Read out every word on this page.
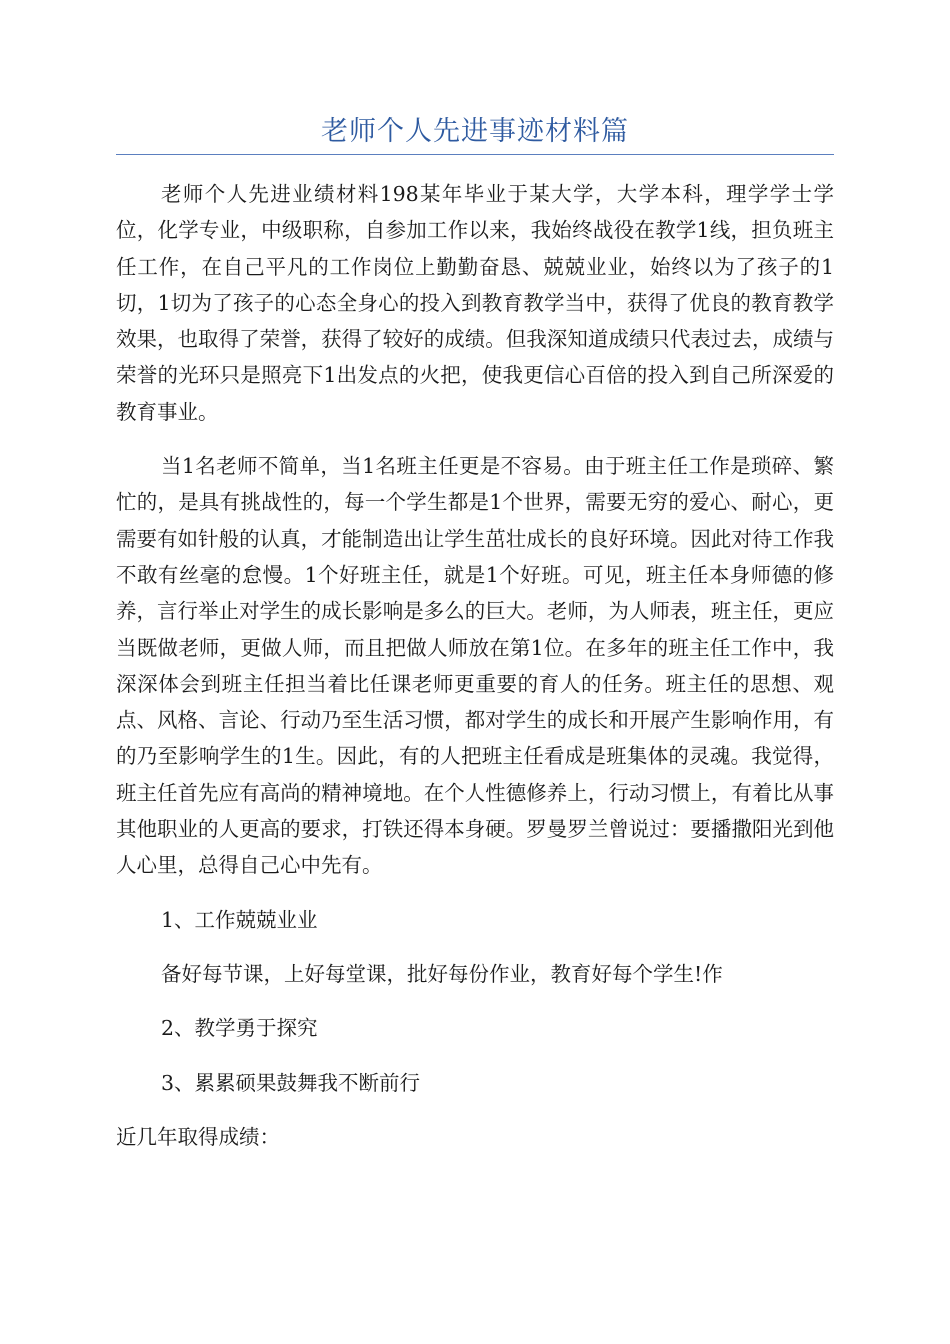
老师个人先进事迹材料篇

老师个人先进业绩材料198某年毕业于某大学，大学本科，理学学士学位，化学专业，中级职称，自参加工作以来，我始终战役在教学1线，担负班主任工作，在自己平凡的工作岗位上勤勤奋恳、兢兢业业，始终以为了孩子的1切，1切为了孩子的心态全身心的投入到教育教学当中，获得了优良的教育教学效果，也取得了荣誉，获得了较好的成绩。但我深知道成绩只代表过去，成绩与荣誉的光环只是照亮下1出发点的火把，使我更信心百倍的投入到自己所深爱的教育事业。

当1名老师不简单，当1名班主任更是不容易。由于班主任工作是琐碎、繁忙的，是具有挑战性的，每一个学生都是1个世界，需要无穷的爱心、耐心，更需要有如针般的认真，才能制造出让学生茁壮成长的良好环境。因此对待工作我不敢有丝毫的怠慢。1个好班主任，就是1个好班。可见，班主任本身师德的修养，言行举止对学生的成长影响是多么的巨大。老师，为人师表，班主任，更应当既做老师，更做人师，而且把做人师放在第1位。在多年的班主任工作中，我深深体会到班主任担当着比任课老师更重要的育人的任务。班主任的思想、观点、风格、言论、行动乃至生活习惯，都对学生的成长和开展产生影响作用，有的乃至影响学生的1生。因此，有的人把班主任看成是班集体的灵魂。我觉得，班主任首先应有高尚的精神境地。在个人性德修养上，行动习惯上，有着比从事其他职业的人更高的要求，打铁还得本身硬。罗曼罗兰曾说过：要播撒阳光到他人心里，总得自己心中先有。

1、工作兢兢业业

备好每节课，上好每堂课，批好每份作业，教育好每个学生!作

2、教学勇于探究

3、累累硕果鼓舞我不断前行

近几年取得成绩：
